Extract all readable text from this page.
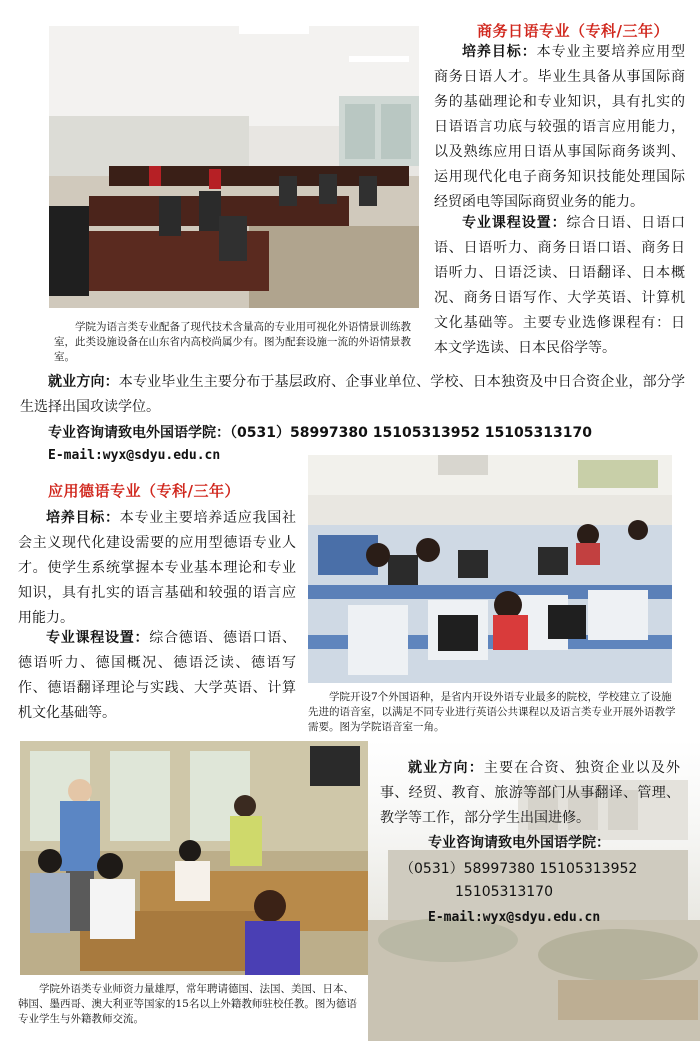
商务日语专业（专科/三年）
培养目标：本专业主要培养应用型商务日语人才。毕业生具备从事国际商务的基础理论和专业知识，具有扎实的日语语言功底与较强的语言应用能力，以及熟练应用日语从事国际商务谈判、运用现代化电子商务知识技能处理国际经贸函电等国际商贸业务的能力。
专业课程设置：综合日语、日语口语、日语听力、商务日语口语、商务日语听力、日语泛读、日语翻译、日本概况、商务日语写作、大学英语、计算机文化基础等。主要专业选修课程有：日本文学选读、日本民俗学等。
学院为语言类专业配备了现代技术含量高的专业用可视化外语情景训练教室，此类设施设备在山东省内高校尚属少有。图为配套设施一流的外语情景教室。
就业方向：本专业毕业生主要分布于基层政府、企事业单位、学校、日本独资及中日合资企业，部分学生选择出国攻读学位。
专业咨询请致电外国语学院：（0531）58997380 15105313952 15105313170
E-mail:wyx@sdyu.edu.cn
应用德语专业（专科/三年）
培养目标：本专业主要培养适应我国社会主义现代化建设需要的应用型德语专业人才。使学生系统掌握本专业基本理论和专业知识，具有扎实的语言基础和较强的语言应用能力。
专业课程设置：综合德语、德语口语、德语听力、德国概况、德语泛读、德语写作、德语翻译理论与实践、大学英语、计算机文化基础等。
学院开设7个外国语种，是省内开设外语专业最多的院校，学校建立了设施先进的语音室，以满足不同专业进行英语公共课程以及语言类专业开展外语教学需要。图为学院语音室一角。
学院外语类专业师资力量雄厚，常年聘请德国、法国、美国、日本、韩国、墨西哥、澳大利亚等国家的15名以上外籍教师驻校任教。图为德语专业学生与外籍教师交流。
就业方向：主要在合资、独资企业以及外事、经贸、教育、旅游等部门从事翻译、管理、教学等工作，部分学生出国进修。
专业咨询请致电外国语学院：
（0531）58997380 15105313952
15105313170
E-mail:wyx@sdyu.edu.cn
